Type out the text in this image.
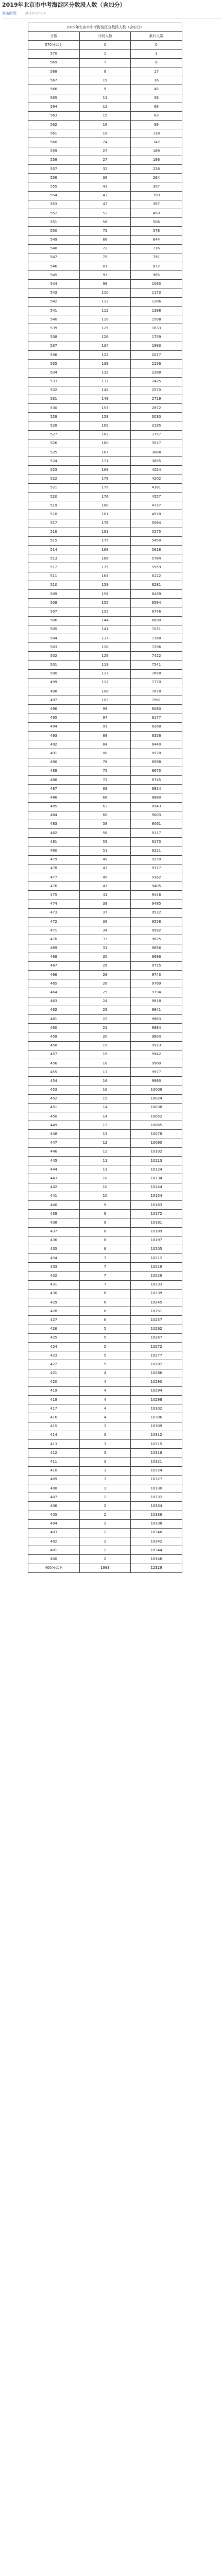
2019年北京市中考海淀区分数段人数（含加分）
发布时间 2019-07-04
2019年北京市中考海淀区分数段人数（含加分）		
分数	分段人数	累计人数
570分以上	0	0
570	1	1
569	7	8
568	9	17
567	19	36
566	9	45
565	11	56
564	12	68
563	15	83
562	16	99
561	19	118
560	24	142
559	27	169
558	27	196
557	32	228
556	36	264
555	43	307
554	43	350
553	47	397
552	53	450
551	56	506
550	72	578
549	66	644
548	72	716
547	75	791
546	81	872
545	93	965
544	98	1063
543	110	1173
542	113	1286
541	112	1398
540	110	1508
539	125	1633
538	126	1759
537	134	1893
536	124	2017
535	139	2156
534	132	2288
533	137	2425
532	145	2570
531	149	2719
530	153	2872
529	158	3030
528	165	3195
527	162	3357
526	160	3517
525	167	3684
524	171	3855
523	169	4024
522	178	4202
521	179	4381
520	176	4557
519	180	4737
518	181	4918
517	176	5094
516	181	5275
515	175	5450
514	168	5618
513	166	5784
512	175	5959
511	163	6122
510	159	6281
509	158	6439
508	155	6594
507	152	6746
506	144	6890
505	141	7031
504	137	7168
503	128	7296
502	126	7422
501	119	7541
500	117	7658
499	112	7770
498	108	7878
497	103	7981
496	99	8080
495	97	8177
494	91	8268
493	88	8356
492	84	8440
491	80	8520
490	78	8598
489	75	8673
488	72	8745
487	69	8814
486	66	8880
485	63	8943
484	60	9003
483	58	9061
482	56	9117
481	53	9170
480	51	9221
479	49	9270
478	47	9317
477	45	9362
476	43	9405
475	41	9446
474	39	9485
473	37	9522
472	36	9558
471	34	9592
470	33	9625
469	31	9656
468	30	9686
467	29	9715
466	28	9743
465	26	9769
464	25	9794
463	24	9818
462	23	9841
461	22	9863
460	21	9884
459	20	9904
458	19	9923
457	19	9942
456	18	9960
455	17	9977
454	16	9993
453	16	10009
452	15	10024
451	14	10038
450	14	10052
449	13	10065
448	13	10078
447	12	10090
446	12	10102
445	11	10113
444	11	10124
443	10	10134
442	10	10144
441	10	10154
440	9	10163
439	9	10172
438	9	10181
437	8	10189
436	8	10197
435	8	10205
434	7	10212
433	7	10219
432	7	10226
431	7	10233
430	6	10239
429	6	10245
428	6	10251
427	6	10257
426	5	10262
425	5	10267
424	5	10272
423	5	10277
422	5	10282
421	4	10286
420	4	10290
419	4	10294
418	4	10298
417	4	10302
416	4	10306
415	3	10309
414	3	10312
413	3	10315
412	3	10318
411	3	10321
410	3	10324
409	3	10327
408	3	10330
407	2	10332
406	2	10334
405	2	10336
404	2	10338
403	2	10340
402	2	10342
401	2	10344
400	2	10346
400分以下	1983	12329
